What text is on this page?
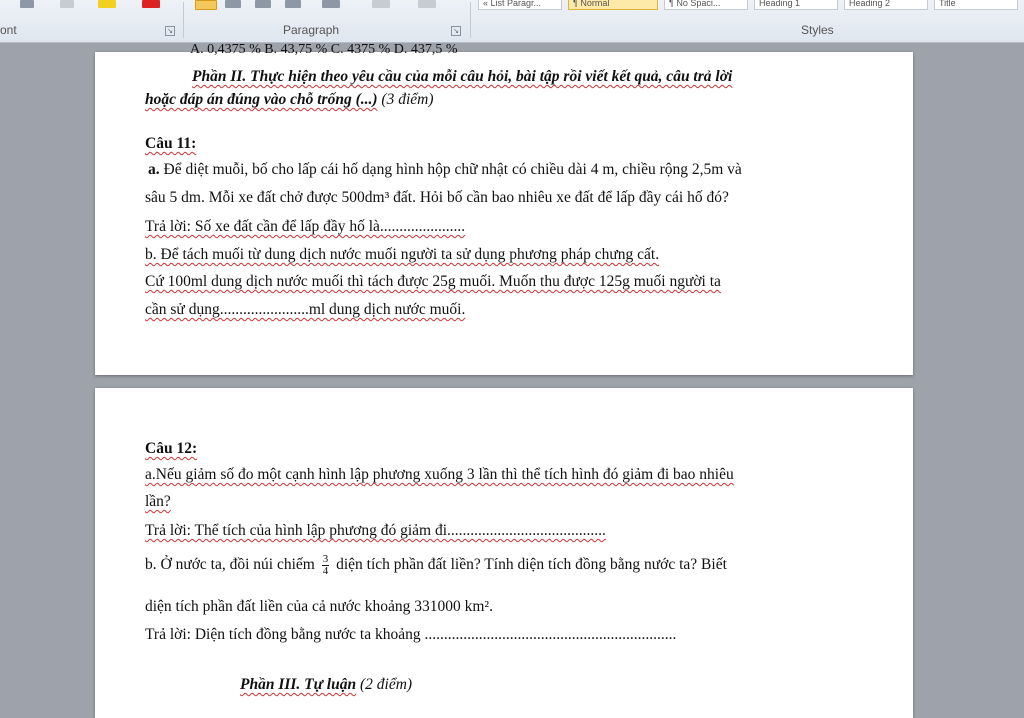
« List Paragr...	¶ Normal	¶ No Spaci...	Heading 1	Heading 2	Title
ont	↘	Paragraph	↘	Styles
A. 0,4375 % B. 43,75 % C. 4375 % D. 437,5 %
Phần II. Thực hiện theo yêu cầu của mỗi câu hỏi, bài tập rồi viết kết quả, câu trả lời
hoặc đáp án đúng vào chỗ trống (...) (3 điểm)
Câu 11:
a. Để diệt muỗi, bố cho lấp cái hố dạng hình hộp chữ nhật có chiều dài 4 m, chiều rộng 2,5m và
sâu 5 dm. Mỗi xe đất chở được 500dm³ đất. Hỏi bố cần bao nhiêu xe đất để lấp đầy cái hố đó?
Trả lời: Số xe đất cần để lấp đầy hố là......................
b. Để tách muối từ dung dịch nước muối người ta sử dụng phương pháp chưng cất.
Cứ 100ml dung dịch nước muối thì tách được 25g muối. Muốn thu được 125g muối người ta
cần sử dụng.......................ml dung dịch nước muối.
Câu 12:
a.Nếu giảm số đo một cạnh hình lập phương xuống 3 lần thì thể tích hình đó giảm đi bao nhiêu
lần?
Trả lời: Thể tích của hình lập phương đó giảm đi.........................................
b. Ở nước ta, đồi núi chiếm $\frac{3}{4}$ diện tích phần đất liền? Tính diện tích đồng bằng nước ta? Biết
diện tích phần đất liền của cả nước khoảng 331000 km².
Trả lời: Diện tích đồng bằng nước ta khoảng .................................................................
Phần III. Tự luận (2 điểm)
